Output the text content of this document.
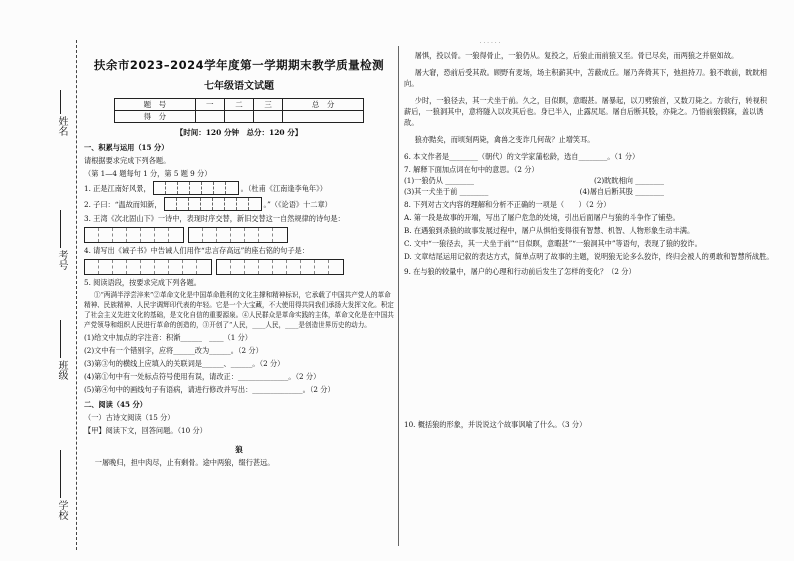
姓名
考号
班级
学校
· · · · · ·
扶余市2023–2024学年度第一学期期末教学质量检测
七年级语文试题
题　号	一	二	三	总　分
得　分				
【时间：120 分钟　总分：120 分】
一、积累与运用（15 分）
请根据要求完成下列各题。
（第 1—4 题每句 1 分，第 5 题 9 分）
1. 正是江南好风景，	。（杜甫《江南逢李龟年》）
2. 子曰：“温故而知新，	。”（《论语》十二章）
3. 王湾《次北固山下》一诗中，表现时序交替，新旧交替这一自然规律的诗句是：
4. 请写出《诫子书》中告诫人们用作“忠言存高远”的座右铭的句子是：
5. 阅读语段，按要求完成下列各题。
①“两满半浮尝淬来”②革命文化是中国革命胜利的文化主撑和精神标识，它承载了中国共产党人的革命精神、民族精神、人民宇调辉印代表的年轻。它是一个大宝藏，不大使用得共同我们承扬大发挥文化。积定了社会主义先进文化的基础，是文化自信的重要源泉。④人民群众是革命实践的主体，革命文化是在中国共产党领导和组织人民进行革命的创造的，③开创了“人民，____人民，____是创造世界历史的动力。
(1)给文中加点的字注音：积渐______　____（1 分）
(2)文中有一个错别字，应将______改为______。（2 分）
(3)第③句的横线上应填入的关联词是______、______。（2 分）
(4)第①句中有一处标点符号使用有误，请改正：______________。（2 分）
(5)第④句中的画线句子有语病，请进行修改并写出：______________。（2 分）
二、阅读（45 分）
（一）古诗文阅读（15 分）
【甲】阅读下文，回答问题。（10 分）
狼
一屠晚归，担中肉尽，止有剩骨。途中两狼，缀行甚远。
屠惧，投以骨。一狼得骨止，一狼仍从。复投之，后狼止而前狼又至。骨已尽矣，而两狼之并驱如故。
屠大窘，恐前后受其敌。顾野有麦场，场主积薪其中，苫蔽成丘。屠乃奔倚其下，弛担持刀。狼不敢前，眈眈相向。
少时，一狼径去，其一犬坐于前。久之，目似瞑，意暇甚。屠暴起，以刀劈狼首，又数刀毙之。方欲行，转视积薪后，一狼洞其中，意将隧入以攻其后也。身已半入，止露尻尾。屠自后断其股，亦毙之。乃悟前狼假寐，盖以诱敌。
狼亦黠矣，而顷刻两毙，禽兽之变诈几何哉？止增笑耳。
6. 本文作者是________（朝代）的文学家蒲松龄，选自________。（1 分）
7. 解释下面加点词在句中的意思。（2 分）
(1)一狼仍从 ________	(2)眈眈相向 ________
(3)其一犬坐于前 ________	(4)屠自后断其股 ________
8. 下列对古文内容的理解和分析不正确的一项是（　　）（2 分）
A. 第一段是故事的开端，写出了屠户危急的处境，引出后面屠户与狼的斗争作了铺垫。
B. 在遇狼到杀狼的故事发展过程中，屠户从惧怕变得很有智慧、机智、人物形象生动丰满。
C. 文中“一狼径去，其一犬坐于前”“目似瞑，意暇甚”“一狼洞其中”等语句，表现了狼的狡诈。
D. 文章结尾运用记叙的表达方式，简单点明了故事的主题，说明狼无论多么狡诈，终归会被人的勇敢和智慧所战胜。
9. 在与狼的较量中，屠户的心理和行动前后发生了怎样的变化？（2 分）
10. 概括狼的形象，并说说这个故事讽喻了什么。（3 分）
